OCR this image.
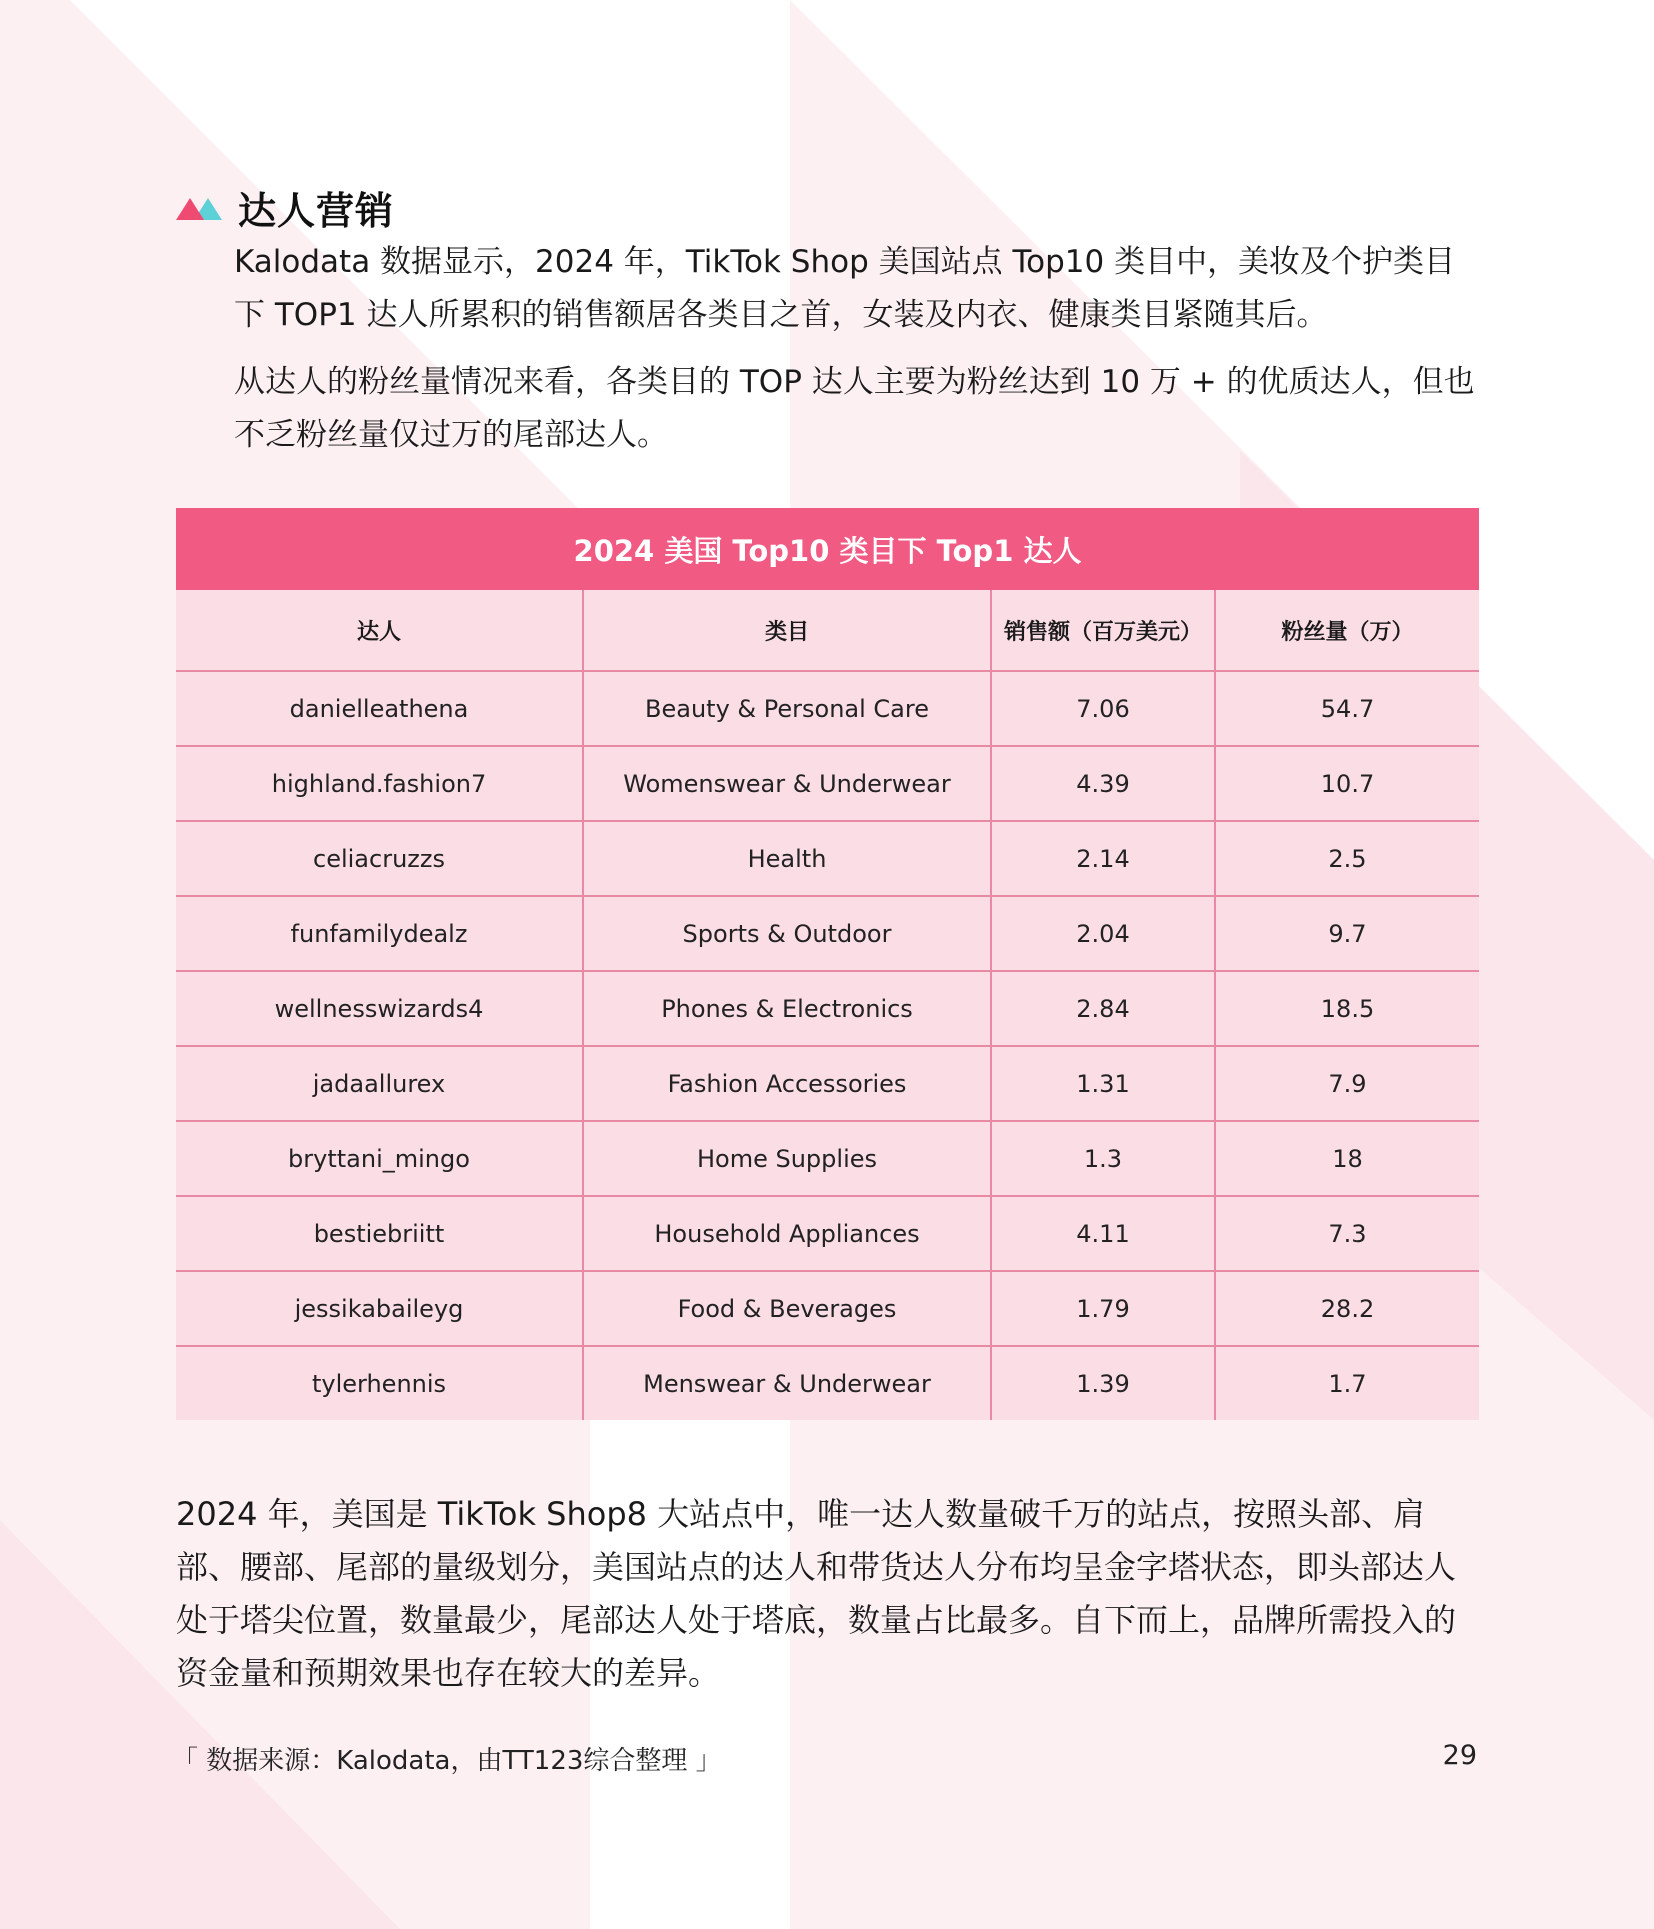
达人营销

Kalodata 数据显示，2024 年，TikTok Shop 美国站点 Top10 类目中，美妆及个护类目下 TOP1 达人所累积的销售额居各类目之首，女装及内衣、健康类目紧随其后。

从达人的粉丝量情况来看，各类目的 TOP 达人主要为粉丝达到 10 万 + 的优质达人，但也不乏粉丝量仅过万的尾部达人。

2024 美国 Top10 类目下 Top1 达人
达人	类目	销售额（百万美元）	粉丝量（万）
danielleathena	Beauty & Personal Care	7.06	54.7
highland.fashion7	Womenswear & Underwear	4.39	10.7
celiacruzzs	Health	2.14	2.5
funfamilydealz	Sports & Outdoor	2.04	9.7
wellnesswizards4	Phones & Electronics	2.84	18.5
jadaallurex	Fashion Accessories	1.31	7.9
bryttani_mingo	Home Supplies	1.3	18
bestiebriitt	Household Appliances	4.11	7.3
jessikabaileyg	Food & Beverages	1.79	28.2
tylerhennis	Menswear & Underwear	1.39	1.7

2024 年，美国是 TikTok Shop8 大站点中，唯一达人数量破千万的站点，按照头部、肩部、腰部、尾部的量级划分，美国站点的达人和带货达人分布均呈金字塔状态，即头部达人处于塔尖位置，数量最少，尾部达人处于塔底，数量占比最多。自下而上，品牌所需投入的资金量和预期效果也存在较大的差异。

「 数据来源：Kalodata，由TT123综合整理 」	29
